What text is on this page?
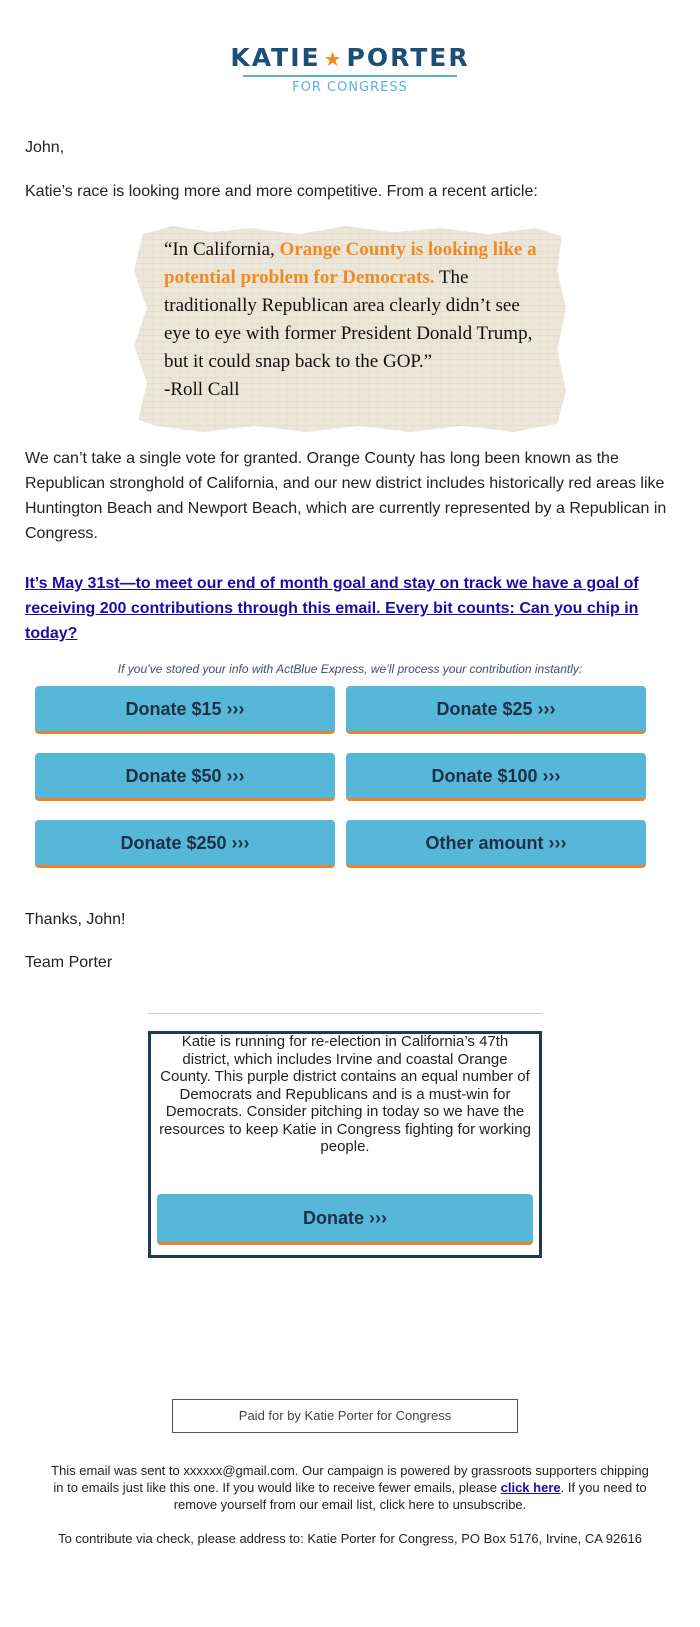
KATIE ★ PORTER
FOR CONGRESS

John,

Katie’s race is looking more and more competitive. From a recent article:

“In California, Orange County is looking like a potential problem for Democrats. The traditionally Republican area clearly didn’t see eye to eye with former President Donald Trump, but it could snap back to the GOP.”
-Roll Call

We can’t take a single vote for granted. Orange County has long been known as the Republican stronghold of California, and our new district includes historically red areas like Huntington Beach and Newport Beach, which are currently represented by a Republican in Congress.

It’s May 31st—to meet our end of month goal and stay on track we have a goal of receiving 200 contributions through this email. Every bit counts: Can you chip in today?
If you’ve stored your info with ActBlue Express, we’ll process your contribution instantly:
Donate $15 ›››	Donate $25 ›››
Donate $50 ›››	Donate $100 ›››
Donate $250 ›››	Other amount ›››

Thanks, John!

Team Porter

Katie is running for re-election in California’s 47th district, which includes Irvine and coastal Orange County. This purple district contains an equal number of Democrats and Republicans and is a must-win for Democrats. Consider pitching in today so we have the resources to keep Katie in Congress fighting for working people.
Donate ›››
Paid for by Katie Porter for Congress
This email was sent to xxxxxx@gmail.com. Our campaign is powered by grassroots supporters chipping in to emails just like this one. If you would like to receive fewer emails, please click here. If you need to remove yourself from our email list, click here to unsubscribe.
To contribute via check, please address to: Katie Porter for Congress, PO Box 5176, Irvine, CA 92616
